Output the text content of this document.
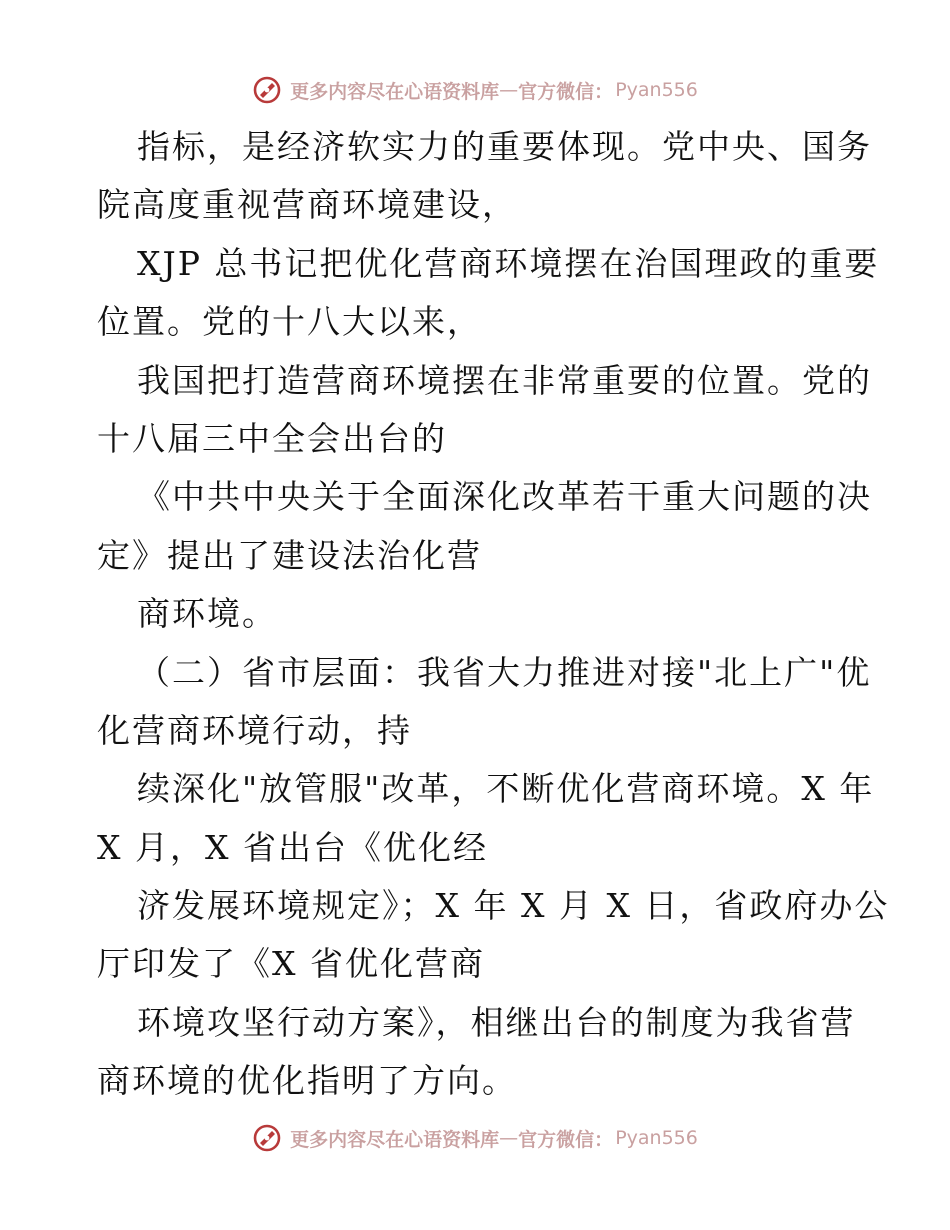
更多内容尽在心语资料库 — 官方微信： Pyan556
指标，是经济软实力的重要体现。党中央、国务
院高度重视营商环境建设，
XJP 总书记把优化营商环境摆在治国理政的重要
位置。党的十八大以来，
我国把打造营商环境摆在非常重要的位置。党的
十八届三中全会出台的
《中共中央关于全面深化改革若干重大问题的决
定》提出了建设法治化营
商环境。
（二）省市层面：我省大力推进对接"北上广"优
化营商环境行动，持
续深化"放管服"改革，不断优化营商环境。X 年
X 月，X 省出台《优化经
济发展环境规定》；X 年 X 月 X 日，省政府办公
厅印发了《X 省优化营商
环境攻坚行动方案》，相继出台的制度为我省营
商环境的优化指明了方向。
更多内容尽在心语资料库 — 官方微信： Pyan556
